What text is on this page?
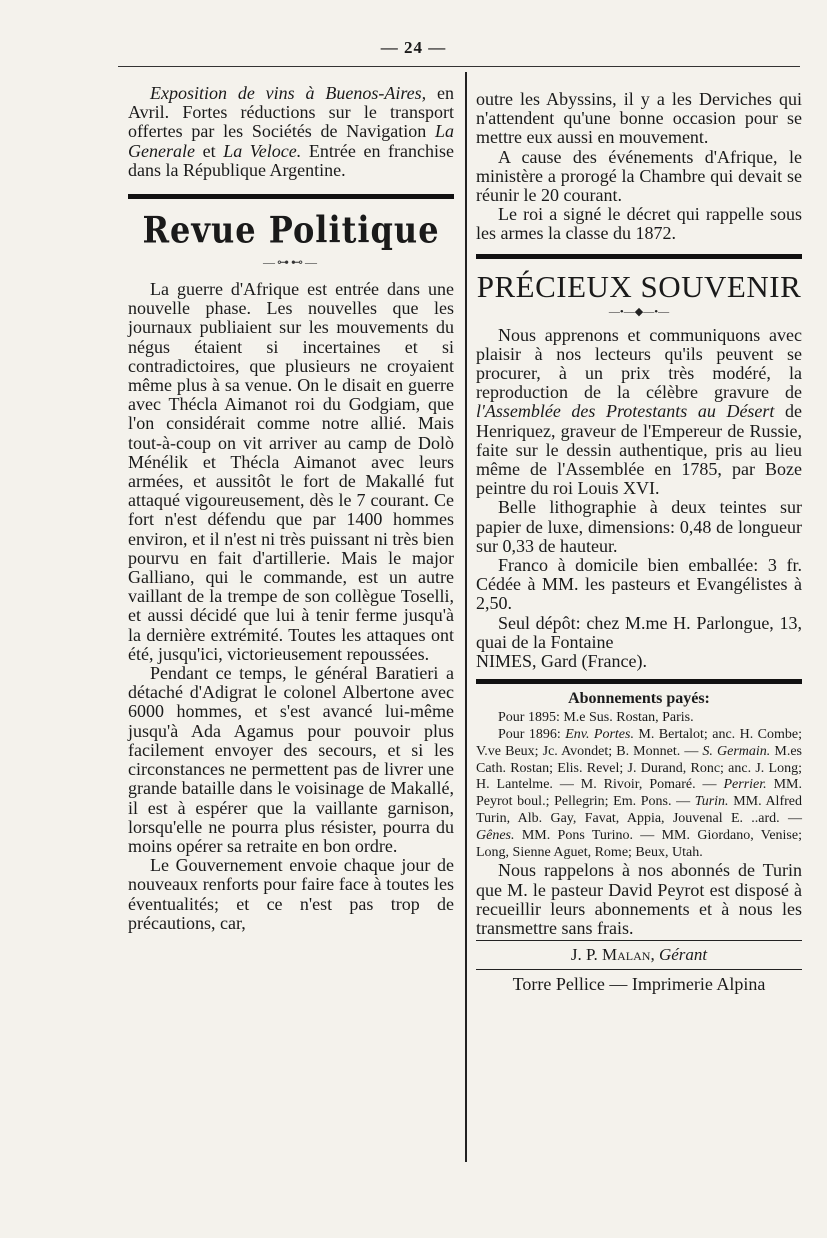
— 24 —

Exposition de vins à Buenos-Aires, en Avril. Fortes réductions sur le transport offertes par les Sociétés de Navigation La Generale et La Veloce. Entrée en franchise dans la République Argentine.

Revue Politique
—⊶⊷—

La guerre d'Afrique est entrée dans une nouvelle phase. Les nouvelles que les journaux publiaient sur les mouvements du négus étaient si incertaines et si contradictoires, que plusieurs ne croyaient même plus à sa venue. On le disait en guerre avec Thécla Aimanot roi du Godgiam, que l'on considérait comme notre allié. Mais tout-à-coup on vit arriver au camp de Dolò Ménélik et Thécla Aimanot avec leurs armées, et aussitôt le fort de Makallé fut attaqué vigoureusement, dès le 7 courant. Ce fort n'est défendu que par 1400 hommes environ, et il n'est ni très puissant ni très bien pourvu en fait d'artillerie. Mais le major Galliano, qui le commande, est un autre vaillant de la trempe de son collègue Toselli, et aussi décidé que lui à tenir ferme jusqu'à la dernière extrémité. Toutes les attaques ont été, jusqu'ici, victorieusement repoussées.

Pendant ce temps, le général Baratieri a détaché d'Adigrat le colonel Albertone avec 6000 hommes, et s'est avancé lui-même jusqu'à Ada Agamus pour pouvoir plus facilement envoyer des secours, et si les circonstances ne permettent pas de livrer une grande bataille dans le voisinage de Makallé, il est à espérer que la vaillante garnison, lorsqu'elle ne pourra plus résister, pourra du moins opérer sa retraite en bon ordre.

Le Gouvernement envoie chaque jour de nouveaux renforts pour faire face à toutes les éventualités; et ce n'est pas trop de précautions, car,

outre les Abyssins, il y a les Derviches qui n'attendent qu'une bonne occasion pour se mettre eux aussi en mouvement.

A cause des événements d'Afrique, le ministère a prorogé la Chambre qui devait se réunir le 20 courant.

Le roi a signé le décret qui rappelle sous les armes la classe du 1872.

PRÉCIEUX SOUVENIR
—•—◆—•—

Nous apprenons et communiquons avec plaisir à nos lecteurs qu'ils peuvent se procurer, à un prix très modéré, la reproduction de la célèbre gravure de l'Assemblée des Protestants au Désert de Henriquez, graveur de l'Empereur de Russie, faite sur le dessin authentique, pris au lieu même de l'Assemblée en 1785, par Boze peintre du roi Louis XVI.

Belle lithographie à deux teintes sur papier de luxe, dimensions: 0,48 de longueur sur 0,33 de hauteur.

Franco à domicile bien emballée: 3 fr. Cédée à MM. les pasteurs et Evangélistes à 2,50.

Seul dépôt: chez M.me H. Parlongue, 13, quai de la Fontaine

NIMES, Gard (France).

Abonnements payés:

Pour 1895: M.e Sus. Rostan, Paris.

Pour 1896: Env. Portes. M. Bertalot; anc. H. Combe; V.ve Beux; Jc. Avondet; B. Monnet. — S. Germain. M.es Cath. Rostan; Elis. Revel; J. Durand, Ronc; anc. J. Long; H. Lantelme. — M. Rivoir, Pomaré. — Perrier. MM. Peyrot boul.; Pellegrin; Em. Pons. — Turin. MM. Alfred Turin, Alb. Gay, Favat, Appia, Jouvenal E. ..ard. — Gênes. MM. Pons Turino. — MM. Giordano, Venise; Long, Sienne Aguet, Rome; Beux, Utah.

Nous rappelons à nos abonnés de Turin que M. le pasteur David Peyrot est disposé à recueillir leurs abonnements et à nous les transmettre sans frais.

J. P. Malan, Gérant
Torre Pellice — Imprimerie Alpina
